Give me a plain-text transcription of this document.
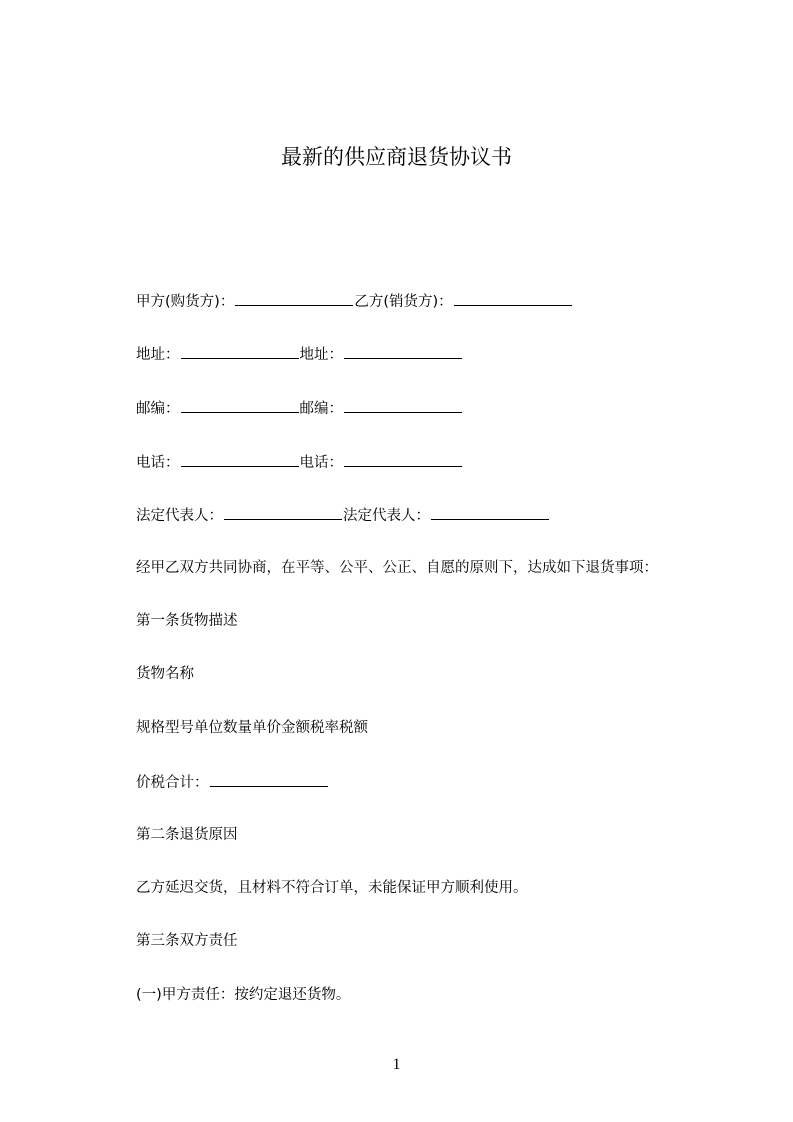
最新的供应商退货协议书
甲方(购货方)：	乙方(销货方)：
地址：	地址：
邮编：	邮编：
电话：	电话：
法定代表人：	法定代表人：
经甲乙双方共同协商，在平等、公平、公正、自愿的原则下，达成如下退货事项：
第一条货物描述
货物名称
规格型号单位数量单价金额税率税额
价税合计：
第二条退货原因
乙方延迟交货，且材料不符合订单，未能保证甲方顺利使用。
第三条双方责任
(一)甲方责任：按约定退还货物。
1
